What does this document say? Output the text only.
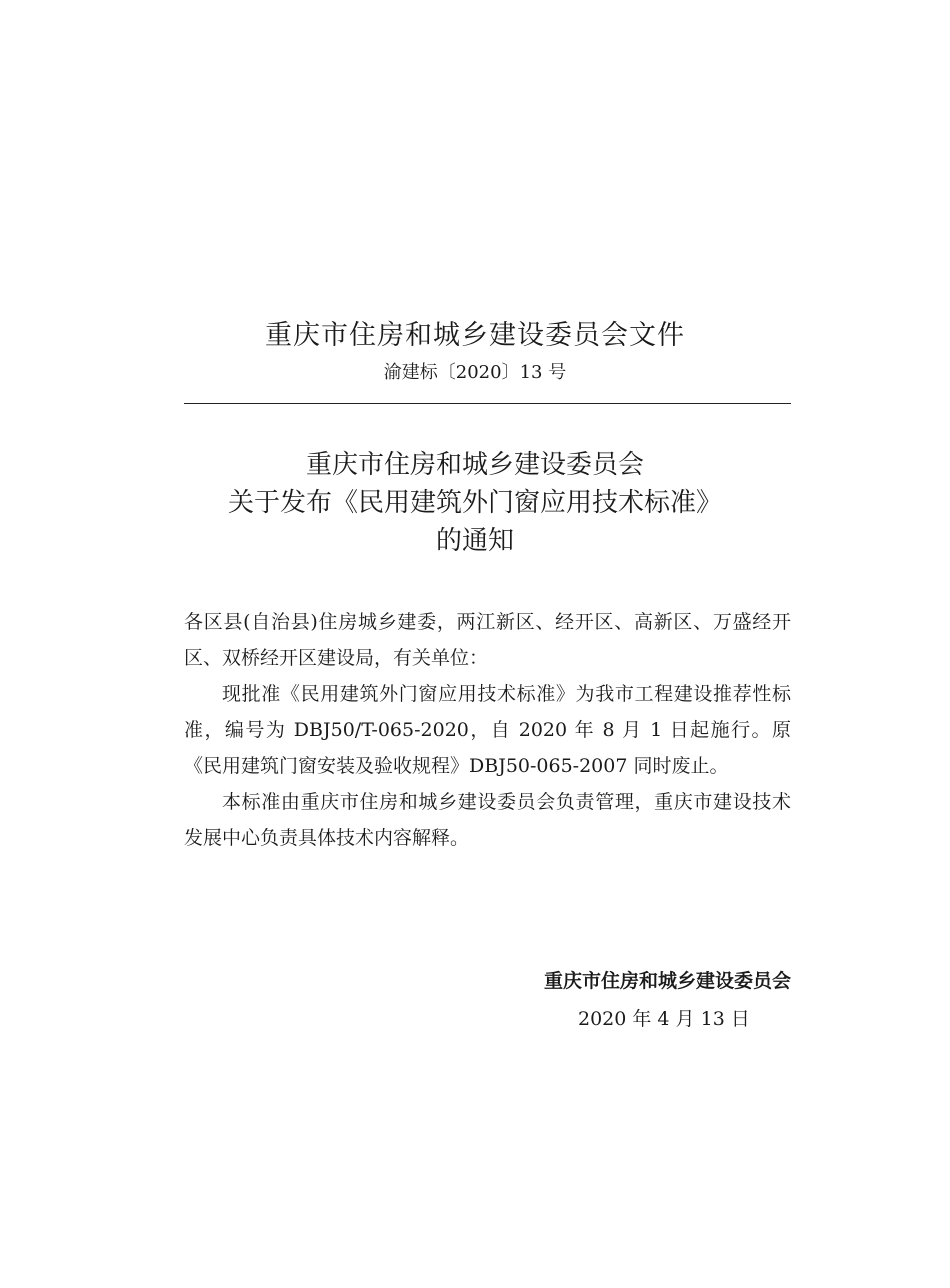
重庆市住房和城乡建设委员会文件
渝建标〔2020〕13 号
重庆市住房和城乡建设委员会
关于发布《民用建筑外门窗应用技术标准》
的通知

各区县(自治县)住房城乡建委，两江新区、经开区、高新区、万盛经开区、双桥经开区建设局，有关单位：

现批准《民用建筑外门窗应用技术标准》为我市工程建设推荐性标准，编号为 DBJ50/T-065-2020，自 2020 年 8 月 1 日起施行。原《民用建筑门窗安装及验收规程》DBJ50-065-2007 同时废止。

本标准由重庆市住房和城乡建设委员会负责管理，重庆市建设技术发展中心负责具体技术内容解释。

重庆市住房和城乡建设委员会
2020 年 4 月 13 日
